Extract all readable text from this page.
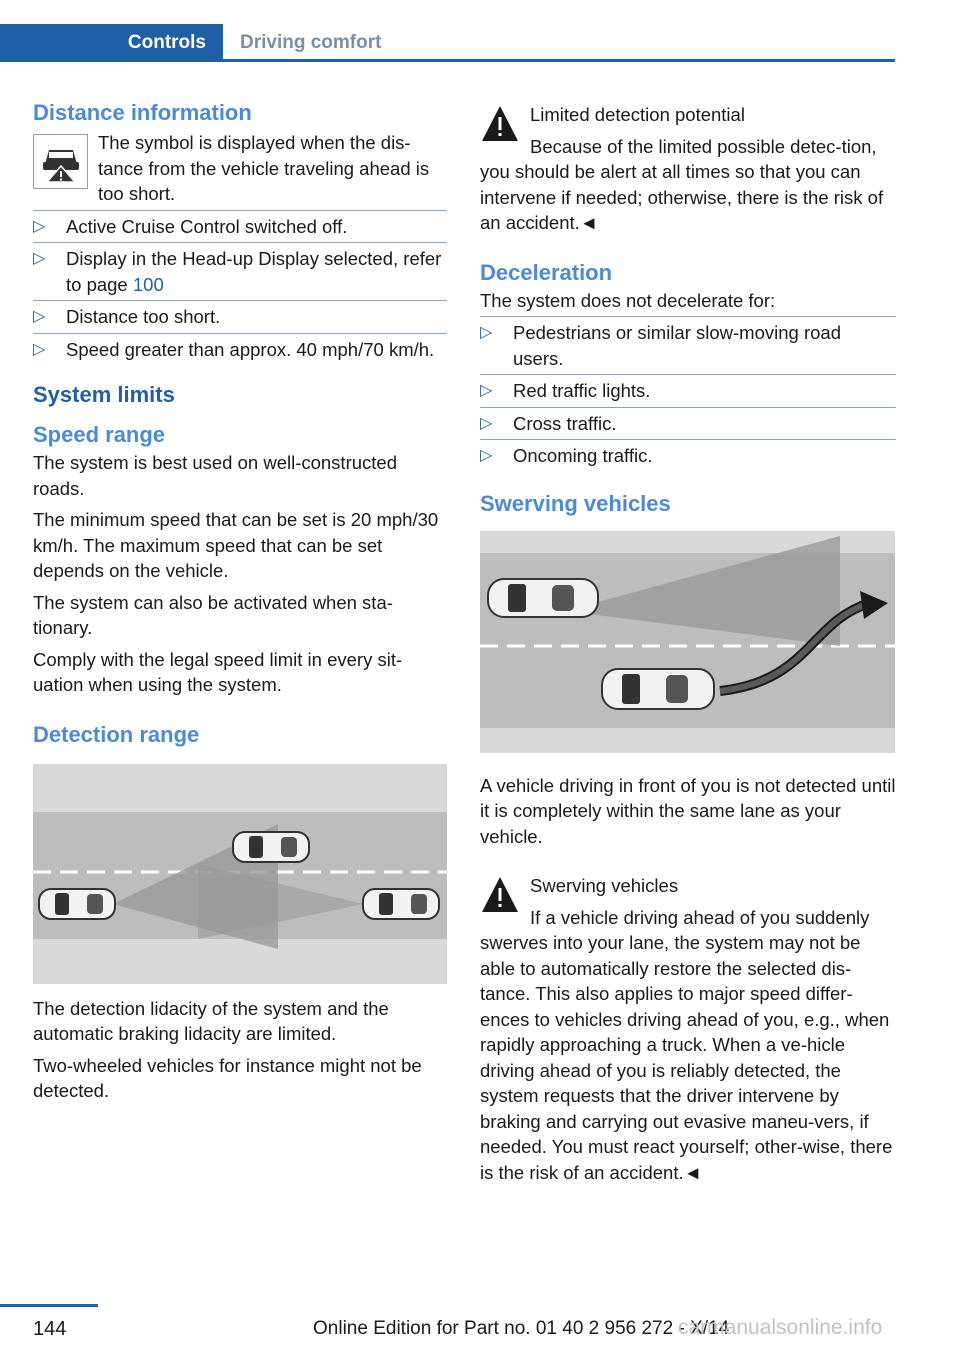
Controls	Driving comfort
Distance information

The symbol is displayed when the dis-tance from the vehicle traveling ahead is too short.

▷ Active Cruise Control switched off.
▷ Display in the Head-up Display selected, refer to page 100
▷ Distance too short.
▷ Speed greater than approx. 40 mph/70 km/h.
System limits
Speed range

The system is best used on well-constructed roads.

The minimum speed that can be set is 20 mph/30 km/h. The maximum speed that can be set depends on the vehicle.

The system can also be activated when sta-tionary.

Comply with the legal speed limit in every sit-uation when using the system.

Detection range

The detection lidacity of the system and the automatic braking lidacity are limited.

Two-wheeled vehicles for instance might not be detected.

Limited detection potential

Because of the limited possible detec-tion, you should be alert at all times so that you can intervene if needed; otherwise, there is the risk of an accident.◄

Deceleration

The system does not decelerate for:

▷ Pedestrians or similar slow-moving road users.
▷ Red traffic lights.
▷ Cross traffic.
▷ Oncoming traffic.
Swerving vehicles

A vehicle driving in front of you is not detected until it is completely within the same lane as your vehicle.

Swerving vehicles

If a vehicle driving ahead of you suddenly swerves into your lane, the system may not be able to automatically restore the selected dis-tance. This also applies to major speed differ-ences to vehicles driving ahead of you, e.g., when rapidly approaching a truck. When a ve-hicle driving ahead of you is reliably detected, the system requests that the driver intervene by braking and carrying out evasive maneu-vers, if needed. You must react yourself; other-wise, there is the risk of an accident.◄

144	Online Edition for Part no. 01 40 2 956 272 - X/14
carmanualsonline.info
